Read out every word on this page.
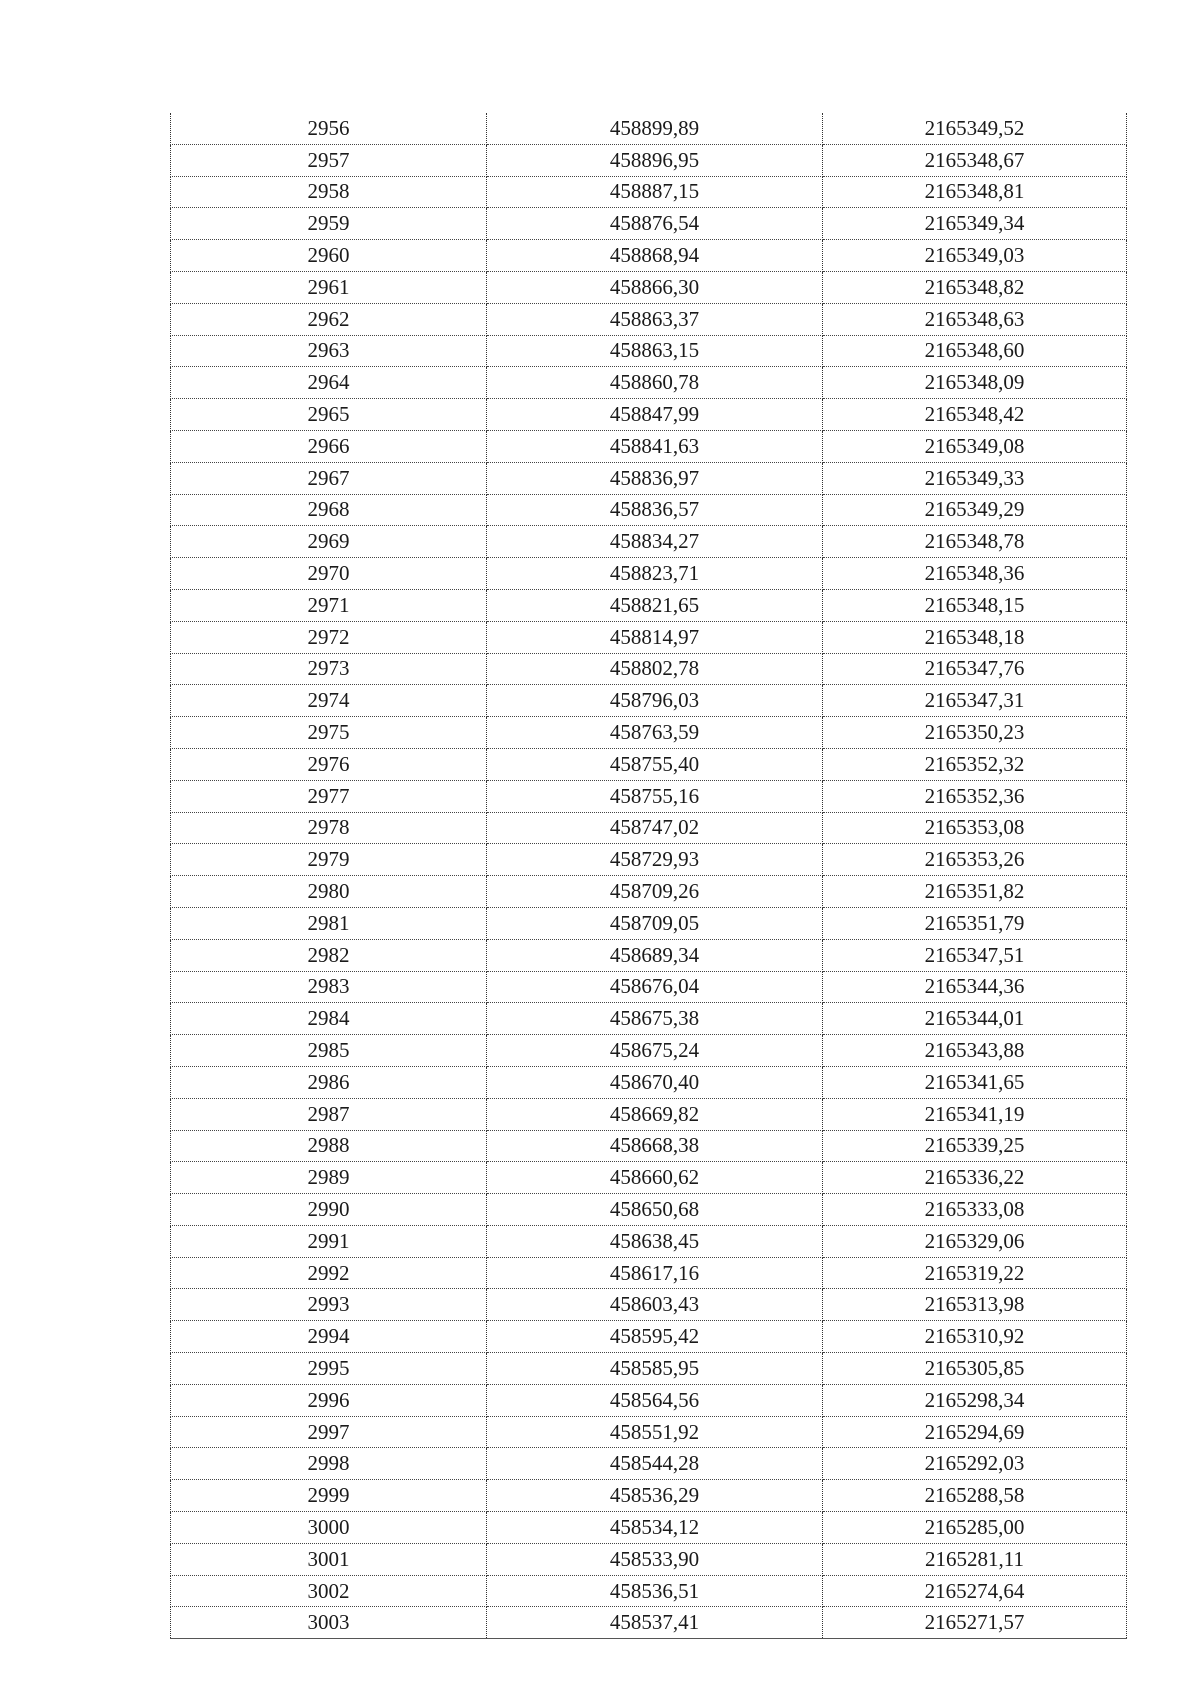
2956	458899,89	2165349,52
2957	458896,95	2165348,67
2958	458887,15	2165348,81
2959	458876,54	2165349,34
2960	458868,94	2165349,03
2961	458866,30	2165348,82
2962	458863,37	2165348,63
2963	458863,15	2165348,60
2964	458860,78	2165348,09
2965	458847,99	2165348,42
2966	458841,63	2165349,08
2967	458836,97	2165349,33
2968	458836,57	2165349,29
2969	458834,27	2165348,78
2970	458823,71	2165348,36
2971	458821,65	2165348,15
2972	458814,97	2165348,18
2973	458802,78	2165347,76
2974	458796,03	2165347,31
2975	458763,59	2165350,23
2976	458755,40	2165352,32
2977	458755,16	2165352,36
2978	458747,02	2165353,08
2979	458729,93	2165353,26
2980	458709,26	2165351,82
2981	458709,05	2165351,79
2982	458689,34	2165347,51
2983	458676,04	2165344,36
2984	458675,38	2165344,01
2985	458675,24	2165343,88
2986	458670,40	2165341,65
2987	458669,82	2165341,19
2988	458668,38	2165339,25
2989	458660,62	2165336,22
2990	458650,68	2165333,08
2991	458638,45	2165329,06
2992	458617,16	2165319,22
2993	458603,43	2165313,98
2994	458595,42	2165310,92
2995	458585,95	2165305,85
2996	458564,56	2165298,34
2997	458551,92	2165294,69
2998	458544,28	2165292,03
2999	458536,29	2165288,58
3000	458534,12	2165285,00
3001	458533,90	2165281,11
3002	458536,51	2165274,64
3003	458537,41	2165271,57
